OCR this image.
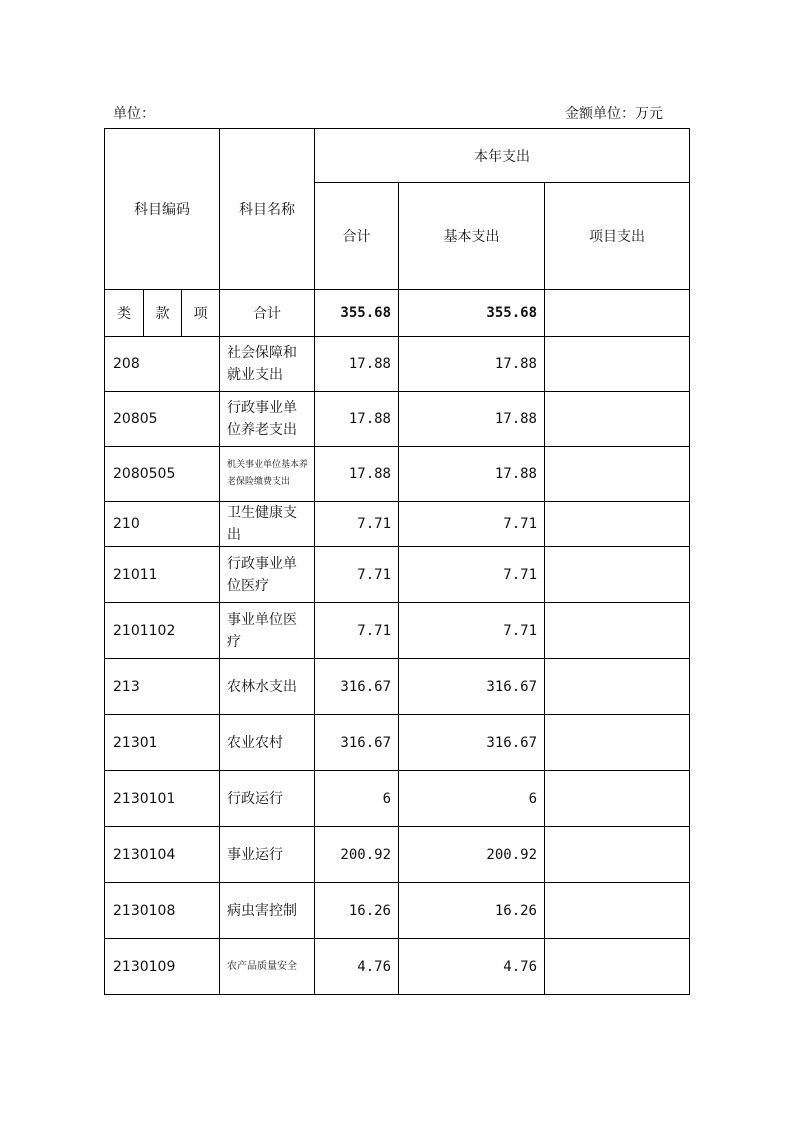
单位：	金额单位：万元
科目编码			科目名称	本年支出		
				合计	基本支出	项目支出
类	款	项	合计	355.68	355.68	
208			社会保障和就业支出	17.88	17.88	
20805			行政事业单位养老支出	17.88	17.88	
2080505			机关事业单位基本养老保险缴费支出	17.88	17.88	
210			卫生健康支出	7.71	7.71	
21011			行政事业单位医疗	7.71	7.71	
2101102			事业单位医疗	7.71	7.71	
213			农林水支出	316.67	316.67	
21301			农业农村	316.67	316.67	
2130101			行政运行	6	6	
2130104			事业运行	200.92	200.92	
2130108			病虫害控制	16.26	16.26	
2130109			农产品质量安全	4.76	4.76	
